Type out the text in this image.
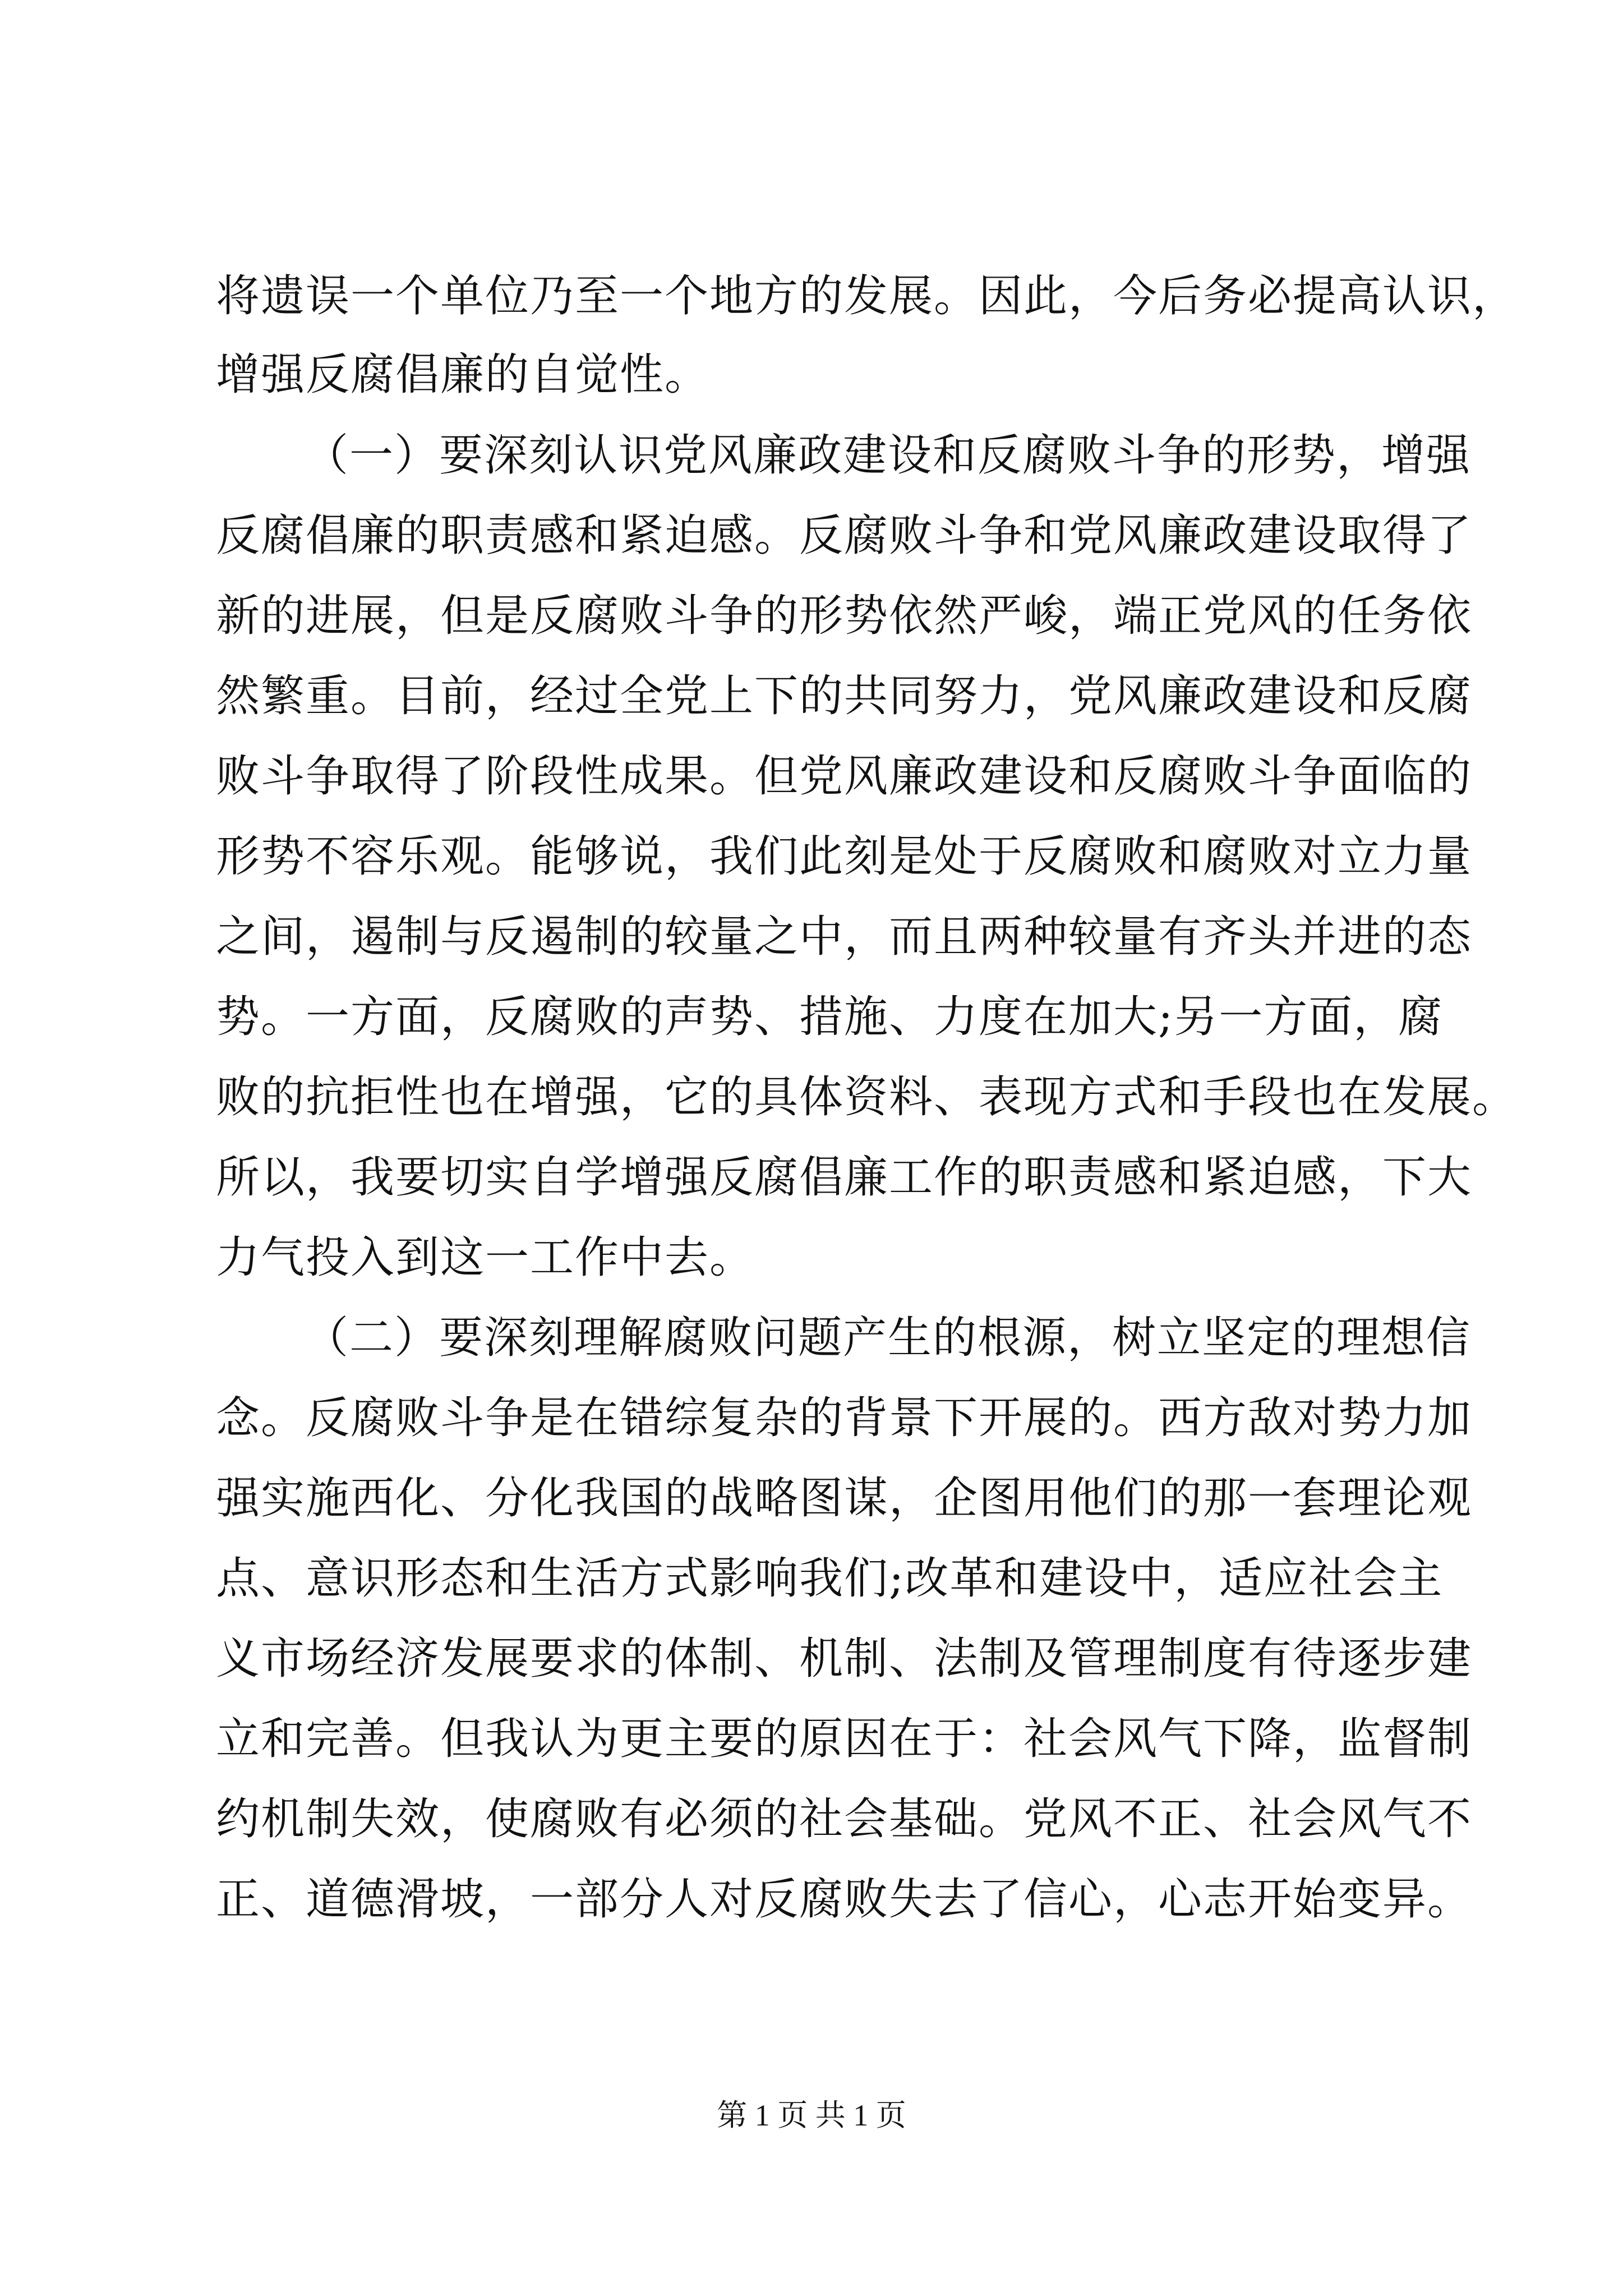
将遗误一个单位乃至一个地方的发展。因此，今后务必提高认识，
增强反腐倡廉的自觉性。
（一）要深刻认识党风廉政建设和反腐败斗争的形势，增强
反腐倡廉的职责感和紧迫感。反腐败斗争和党风廉政建设取得了
新的进展，但是反腐败斗争的形势依然严峻，端正党风的任务依
然繁重。目前，经过全党上下的共同努力，党风廉政建设和反腐
败斗争取得了阶段性成果。但党风廉政建设和反腐败斗争面临的
形势不容乐观。能够说，我们此刻是处于反腐败和腐败对立力量
之间，遏制与反遏制的较量之中，而且两种较量有齐头并进的态
势。一方面，反腐败的声势、措施、力度在加大;另一方面，腐
败的抗拒性也在增强，它的具体资料、表现方式和手段也在发展。
所以，我要切实自学增强反腐倡廉工作的职责感和紧迫感，下大
力气投入到这一工作中去。
（二）要深刻理解腐败问题产生的根源，树立坚定的理想信
念。反腐败斗争是在错综复杂的背景下开展的。西方敌对势力加
强实施西化、分化我国的战略图谋，企图用他们的那一套理论观
点、意识形态和生活方式影响我们;改革和建设中，适应社会主
义市场经济发展要求的体制、机制、法制及管理制度有待逐步建
立和完善。但我认为更主要的原因在于：社会风气下降，监督制
约机制失效，使腐败有必须的社会基础。党风不正、社会风气不
正、道德滑坡，一部分人对反腐败失去了信心，心志开始变异。
第 1 页 共 1 页
